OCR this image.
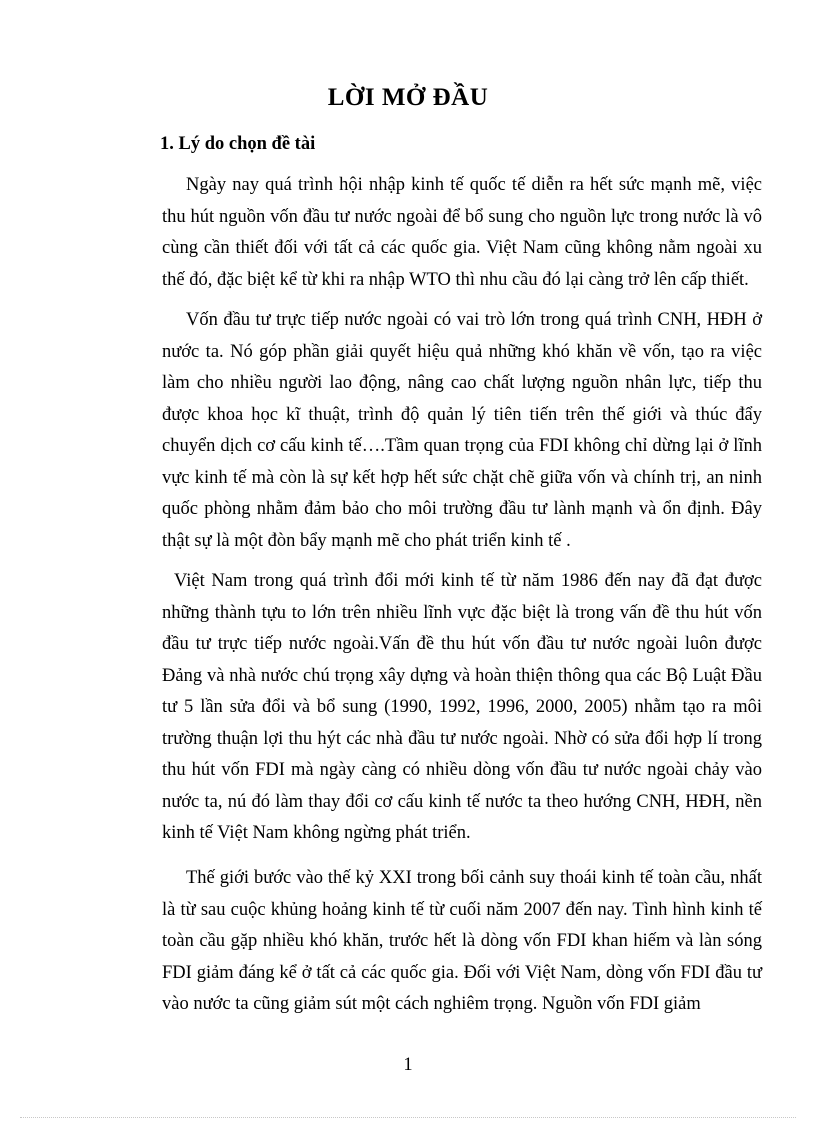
LỜI MỞ ĐẦU
1. Lý do chọn đề tài

Ngày nay quá trình hội nhập kinh tế quốc tế diễn ra hết sức mạnh mẽ, việc thu hút nguồn vốn đầu tư nước ngoài để bổ sung cho nguồn lực trong nước là vô cùng cần thiết đối với tất cả các quốc gia. Việt Nam cũng không nằm ngoài xu thế đó, đặc biệt kể từ khi ra nhập WTO thì nhu cầu đó lại càng trở lên cấp thiết.

Vốn đầu tư trực tiếp nước ngoài có vai trò lớn trong quá trình CNH, HĐH ở nước ta. Nó góp phần giải quyết hiệu quả những khó khăn về vốn, tạo ra việc làm cho nhiều người lao động, nâng cao chất lượng nguồn nhân lực, tiếp thu được khoa học kĩ thuật, trình độ quản lý tiên tiến trên thế giới và thúc đẩy chuyển dịch cơ cấu kinh tế….Tầm quan trọng của FDI không chỉ dừng lại ở lĩnh vực kinh tế mà còn là sự kết hợp hết sức chặt chẽ giữa vốn và chính trị, an ninh quốc phòng nhằm đảm bảo cho môi trường đầu tư lành mạnh và ổn định. Đây thật sự là một đòn bẩy mạnh mẽ cho phát triển kinh tế .

Việt Nam trong quá trình đổi mới kinh tế từ năm 1986 đến nay đã đạt được những thành tựu to lớn trên nhiều lĩnh vực đặc biệt là trong vấn đề thu hút vốn đầu tư trực tiếp nước ngoài.Vấn đề thu hút vốn đầu tư nước ngoài luôn được Đảng và nhà nước chú trọng xây dựng và hoàn thiện thông qua các Bộ Luật Đầu tư 5 lần sửa đổi và bổ sung (1990, 1992, 1996, 2000, 2005) nhằm tạo ra môi trường thuận lợi thu hýt các nhà đầu tư nước ngoài. Nhờ có sửa đổi hợp lí trong thu hút vốn FDI mà ngày càng có nhiều dòng vốn đầu tư nước ngoài chảy vào nước ta, nú đó làm thay đổi cơ cấu kinh tế nước ta theo hướng CNH, HĐH, nền kinh tế Việt Nam không ngừng phát triển.

Thế giới bước vào thế kỷ XXI trong bối cảnh suy thoái kinh tế toàn cầu, nhất là từ sau cuộc khủng hoảng kinh tế từ cuối năm 2007 đến nay. Tình hình kinh tế toàn cầu gặp nhiều khó khăn, trước hết là dòng vốn FDI khan hiếm và làn sóng FDI giảm đáng kể ở tất cả các quốc gia. Đối với Việt Nam, dòng vốn FDI đầu tư vào nước ta cũng giảm sút một cách nghiêm trọng. Nguồn vốn FDI giảm

1
